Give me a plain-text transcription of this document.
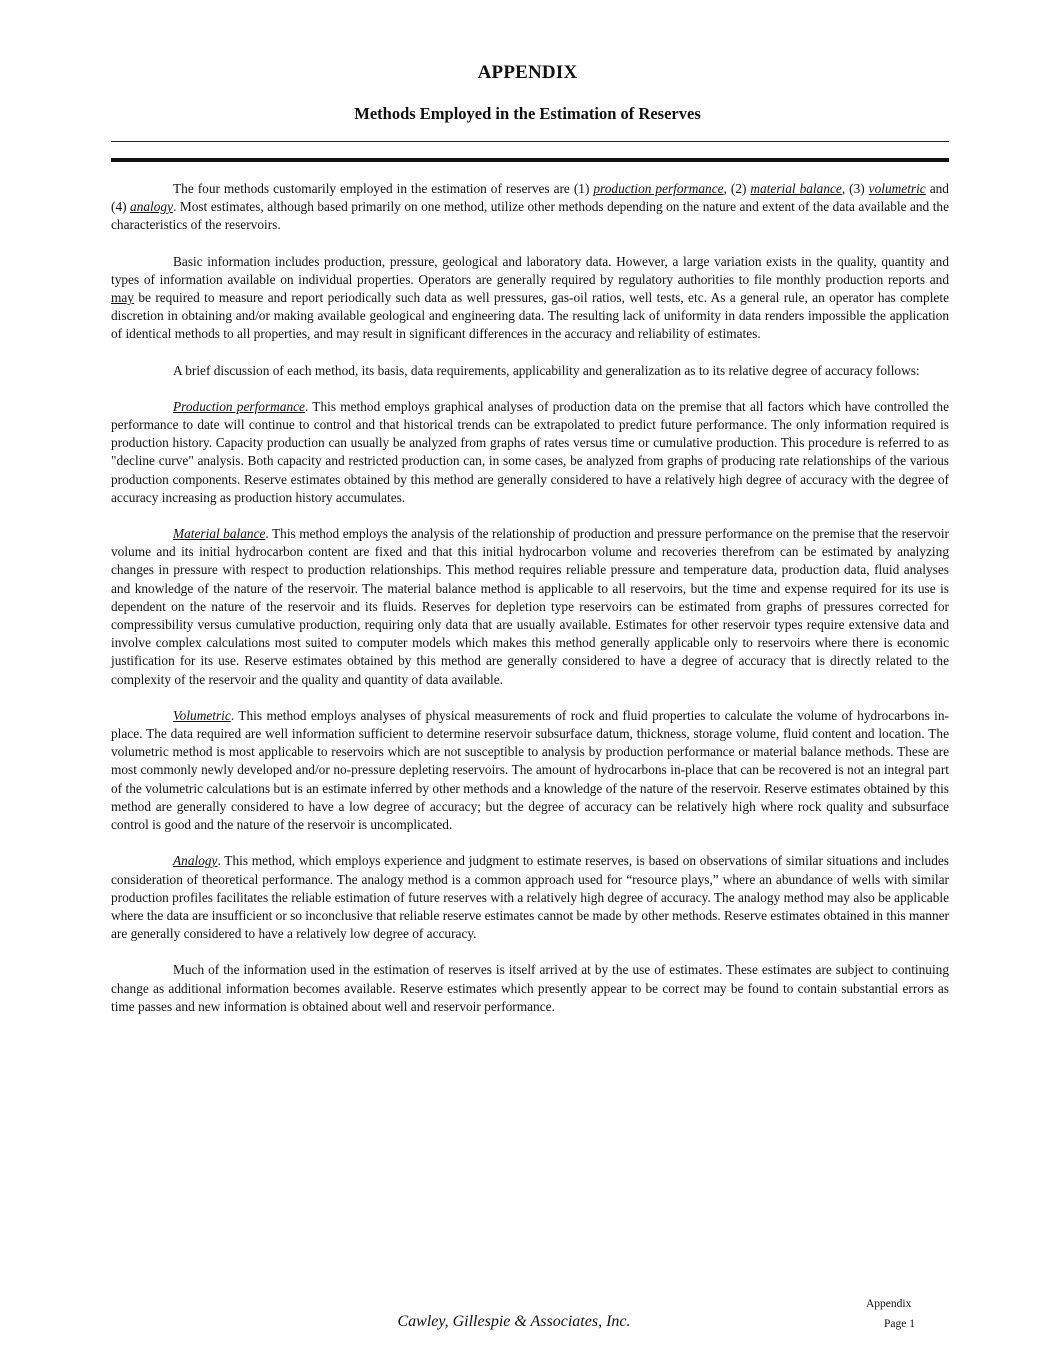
APPENDIX
Methods Employed in the Estimation of Reserves

The four methods customarily employed in the estimation of reserves are (1) production performance, (2) material balance, (3) volumetric and (4) analogy. Most estimates, although based primarily on one method, utilize other methods depending on the nature and extent of the data available and the characteristics of the reservoirs.

Basic information includes production, pressure, geological and laboratory data. However, a large variation exists in the quality, quantity and types of information available on individual properties. Operators are generally required by regulatory authorities to file monthly production reports and may be required to measure and report periodically such data as well pressures, gas-oil ratios, well tests, etc. As a general rule, an operator has complete discretion in obtaining and/or making available geological and engineering data. The resulting lack of uniformity in data renders impossible the application of identical methods to all properties, and may result in significant differences in the accuracy and reliability of estimates.

A brief discussion of each method, its basis, data requirements, applicability and generalization as to its relative degree of accuracy follows:

Production performance. This method employs graphical analyses of production data on the premise that all factors which have controlled the performance to date will continue to control and that historical trends can be extrapolated to predict future performance. The only information required is production history. Capacity production can usually be analyzed from graphs of rates versus time or cumulative production. This procedure is referred to as "decline curve" analysis. Both capacity and restricted production can, in some cases, be analyzed from graphs of producing rate relationships of the various production components. Reserve estimates obtained by this method are generally considered to have a relatively high degree of accuracy with the degree of accuracy increasing as production history accumulates.

Material balance. This method employs the analysis of the relationship of production and pressure performance on the premise that the reservoir volume and its initial hydrocarbon content are fixed and that this initial hydrocarbon volume and recoveries therefrom can be estimated by analyzing changes in pressure with respect to production relationships. This method requires reliable pressure and temperature data, production data, fluid analyses and knowledge of the nature of the reservoir. The material balance method is applicable to all reservoirs, but the time and expense required for its use is dependent on the nature of the reservoir and its fluids. Reserves for depletion type reservoirs can be estimated from graphs of pressures corrected for compressibility versus cumulative production, requiring only data that are usually available. Estimates for other reservoir types require extensive data and involve complex calculations most suited to computer models which makes this method generally applicable only to reservoirs where there is economic justification for its use. Reserve estimates obtained by this method are generally considered to have a degree of accuracy that is directly related to the complexity of the reservoir and the quality and quantity of data available.

Volumetric. This method employs analyses of physical measurements of rock and fluid properties to calculate the volume of hydrocarbons in-place. The data required are well information sufficient to determine reservoir subsurface datum, thickness, storage volume, fluid content and location. The volumetric method is most applicable to reservoirs which are not susceptible to analysis by production performance or material balance methods. These are most commonly newly developed and/or no-pressure depleting reservoirs. The amount of hydrocarbons in-place that can be recovered is not an integral part of the volumetric calculations but is an estimate inferred by other methods and a knowledge of the nature of the reservoir. Reserve estimates obtained by this method are generally considered to have a low degree of accuracy; but the degree of accuracy can be relatively high where rock quality and subsurface control is good and the nature of the reservoir is uncomplicated.

Analogy. This method, which employs experience and judgment to estimate reserves, is based on observations of similar situations and includes consideration of theoretical performance. The analogy method is a common approach used for “resource plays,” where an abundance of wells with similar production profiles facilitates the reliable estimation of future reserves with a relatively high degree of accuracy. The analogy method may also be applicable where the data are insufficient or so inconclusive that reliable reserve estimates cannot be made by other methods. Reserve estimates obtained in this manner are generally considered to have a relatively low degree of accuracy.

Much of the information used in the estimation of reserves is itself arrived at by the use of estimates. These estimates are subject to continuing change as additional information becomes available. Reserve estimates which presently appear to be correct may be found to contain substantial errors as time passes and new information is obtained about well and reservoir performance.

Appendix
Cawley, Gillespie & Associates, Inc.	Page 1
